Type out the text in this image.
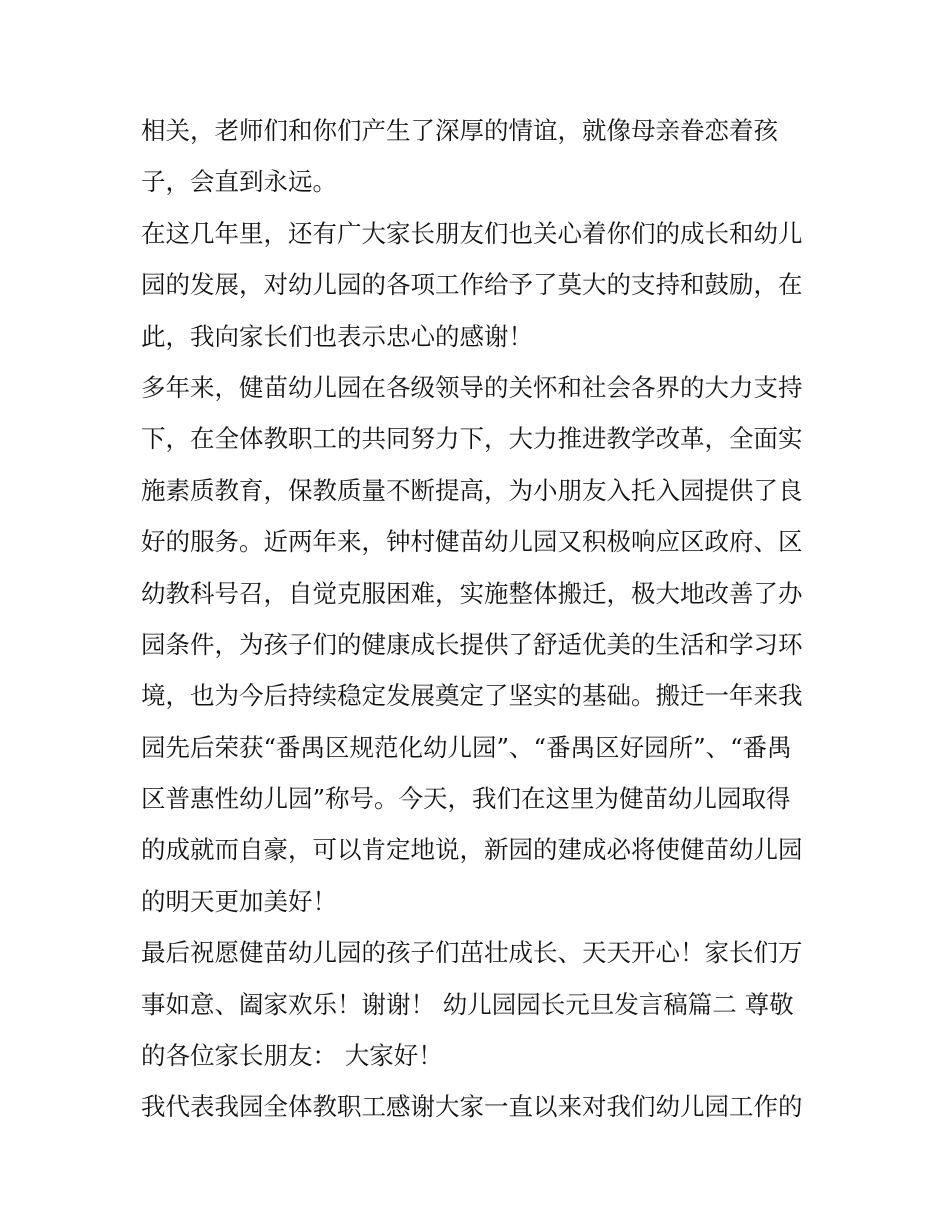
相关，老师们和你们产生了深厚的情谊，就像母亲眷恋着孩
子，会直到永远。
在这几年里，还有广大家长朋友们也关心着你们的成长和幼儿
园的发展，对幼儿园的各项工作给予了莫大的支持和鼓励，在
此，我向家长们也表示忠心的感谢！
多年来，健苗幼儿园在各级领导的关怀和社会各界的大力支持
下，在全体教职工的共同努力下，大力推进教学改革，全面实
施素质教育，保教质量不断提高，为小朋友入托入园提供了良
好的服务。近两年来，钟村健苗幼儿园又积极响应区政府、区
幼教科号召，自觉克服困难，实施整体搬迁，极大地改善了办
园条件，为孩子们的健康成长提供了舒适优美的生活和学习环
境，也为今后持续稳定发展奠定了坚实的基础。搬迁一年来我
园先后荣获“番禺区规范化幼儿园”、“番禺区好园所”、“番禺
区普惠性幼儿园”称号。今天，我们在这里为健苗幼儿园取得
的成就而自豪，可以肯定地说，新园的建成必将使健苗幼儿园
的明天更加美好！
最后祝愿健苗幼儿园的孩子们茁壮成长、天天开心！家长们万
事如意、阖家欢乐！谢谢！ 幼儿园园长元旦发言稿篇二 尊敬
的各位家长朋友： 大家好！
我代表我园全体教职工感谢大家一直以来对我们幼儿园工作的
